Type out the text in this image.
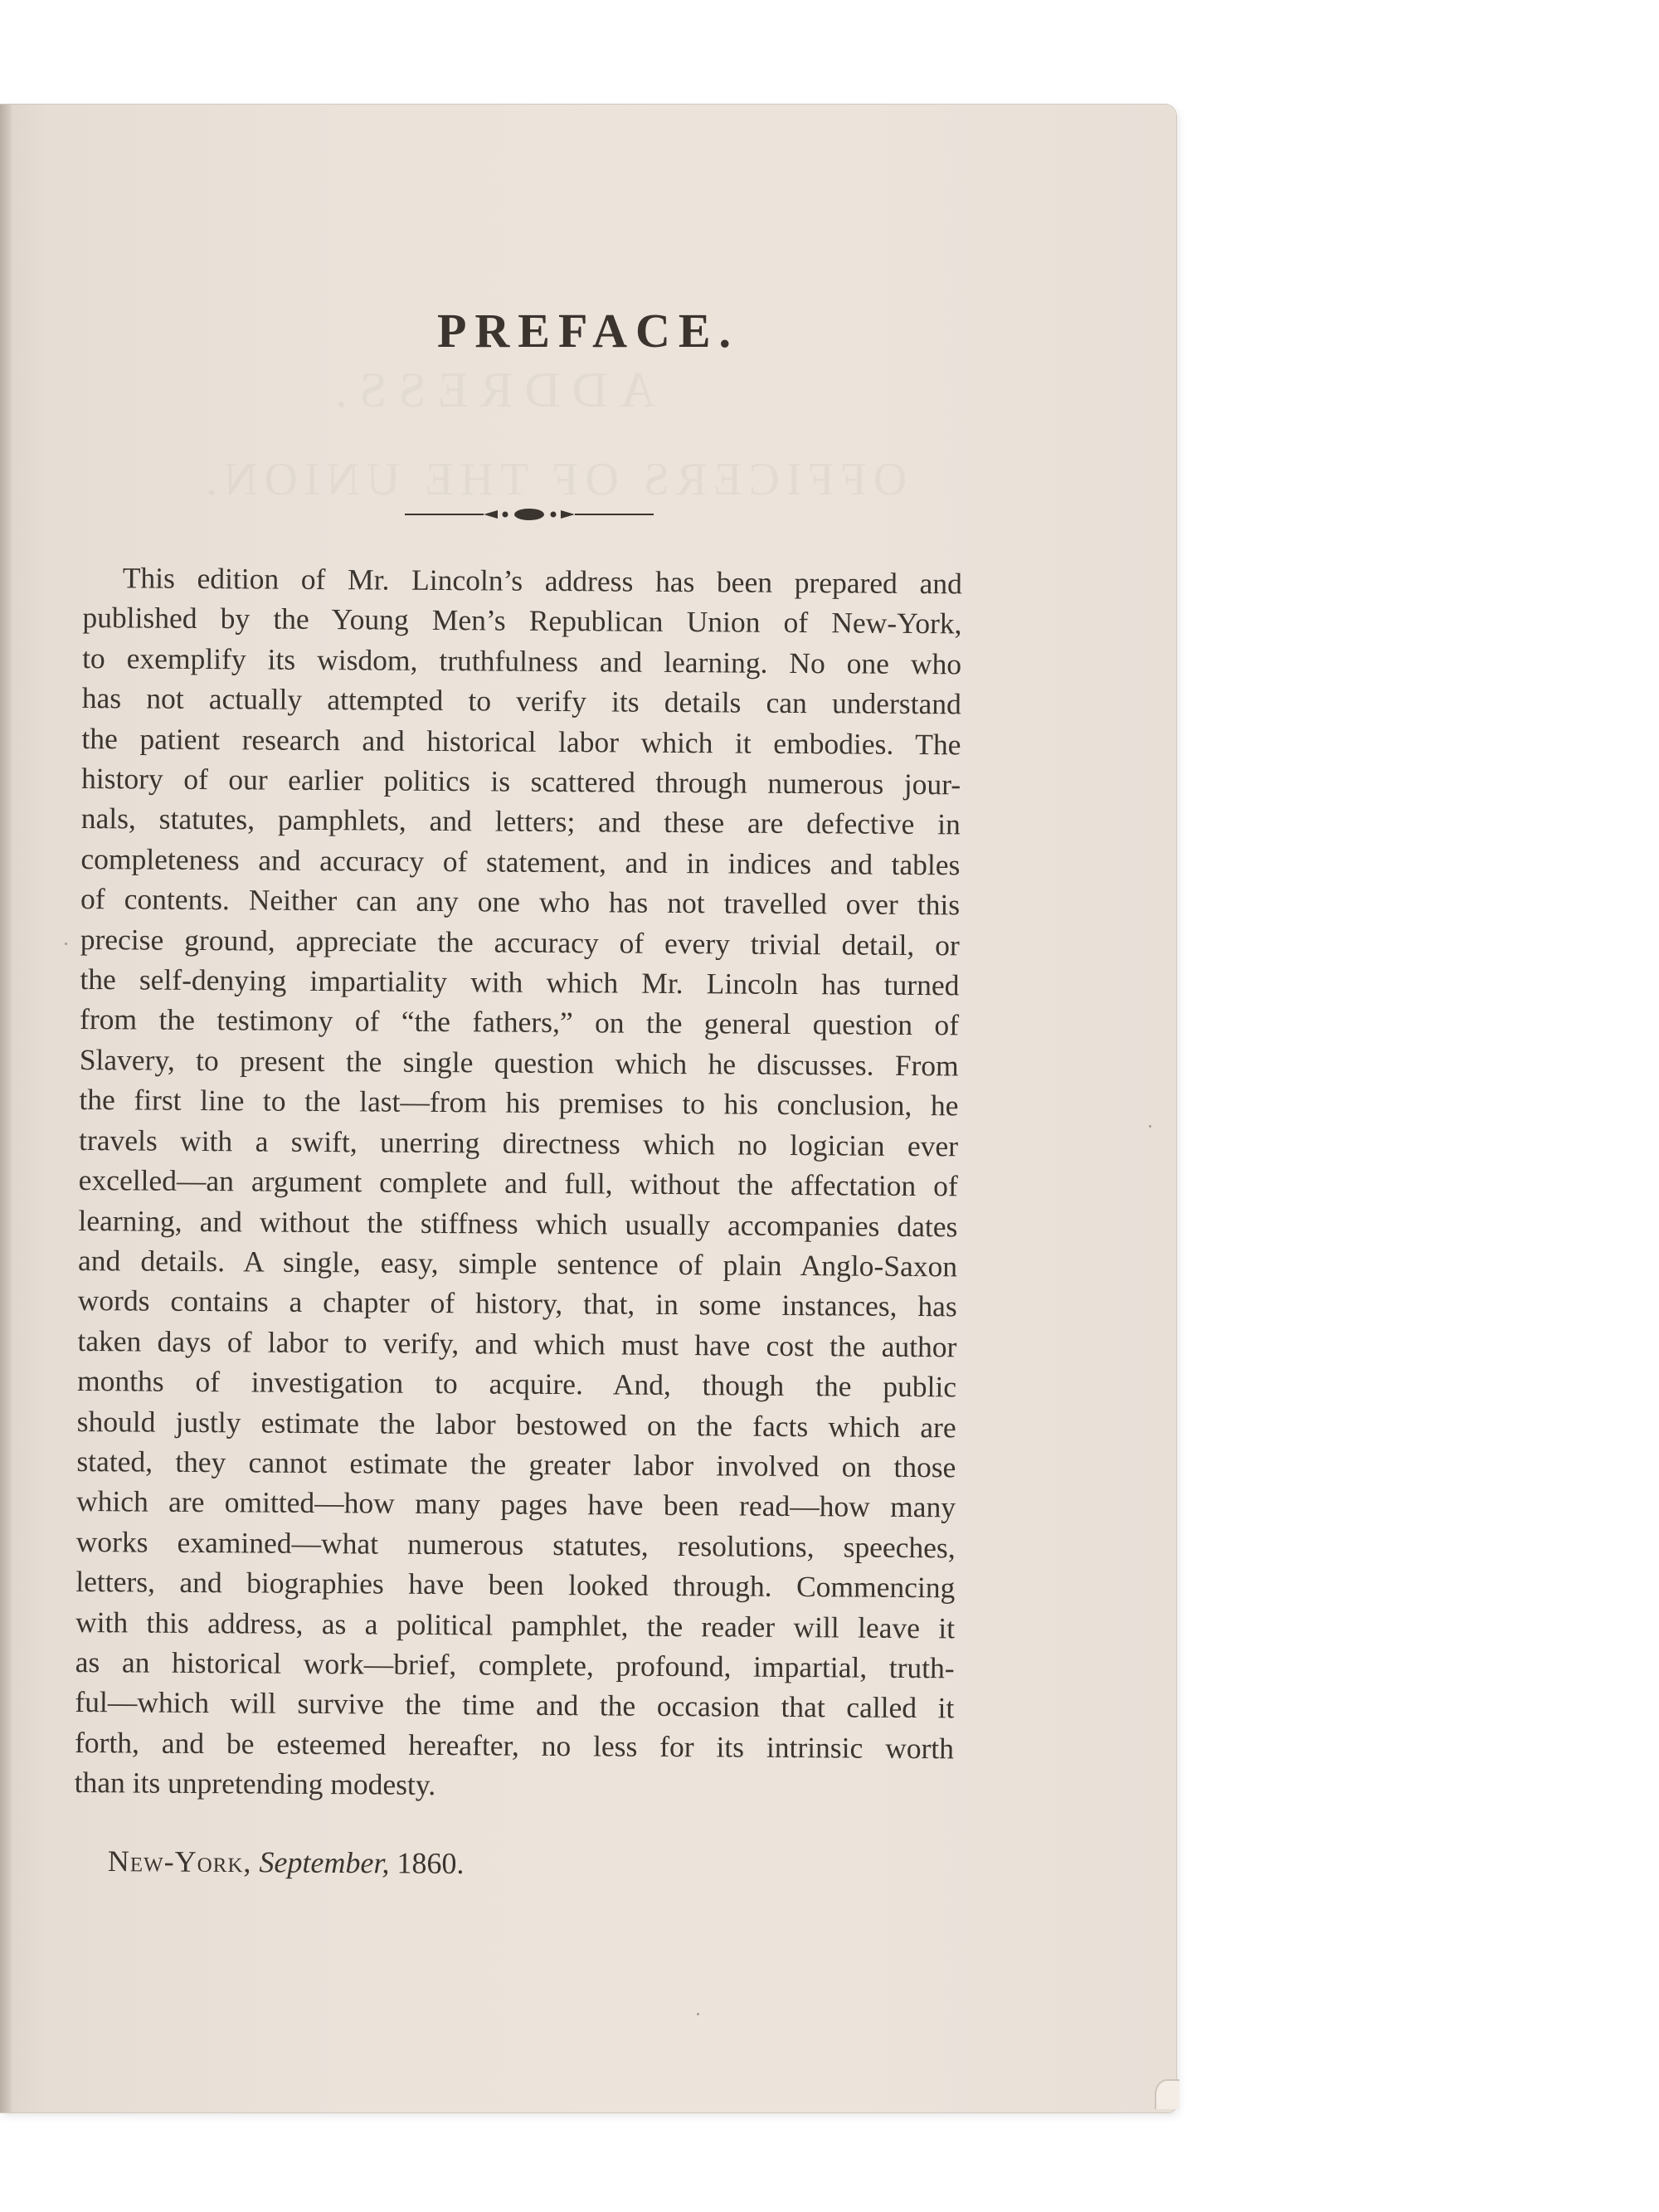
ADDRESS.
OFFICERS OF THE UNION.
PREFACE.
This edition of Mr. Lincoln’s address has been prepared and
published by the Young Men’s Republican Union of New-York,
to exemplify its wisdom, truthfulness and learning. No one who
has not actually attempted to verify its details can understand
the patient research and historical labor which it embodies. The
history of our earlier politics is scattered through numerous jour-
nals, statutes, pamphlets, and letters; and these are defective in
completeness and accuracy of statement, and in indices and tables
of contents. Neither can any one who has not travelled over this
precise ground, appreciate the accuracy of every trivial detail, or
the self-denying impartiality with which Mr. Lincoln has turned
from the testimony of “the fathers,” on the general question of
Slavery, to present the single question which he discusses. From
the first line to the last—from his premises to his conclusion, he
travels with a swift, unerring directness which no logician ever
excelled—an argument complete and full, without the affectation of
learning, and without the stiffness which usually accompanies dates
and details. A single, easy, simple sentence of plain Anglo-Saxon
words contains a chapter of history, that, in some instances, has
taken days of labor to verify, and which must have cost the author
months of investigation to acquire. And, though the public
should justly estimate the labor bestowed on the facts which are
stated, they cannot estimate the greater labor involved on those
which are omitted—how many pages have been read—how many
works examined—what numerous statutes, resolutions, speeches,
letters, and biographies have been looked through. Commencing
with this address, as a political pamphlet, the reader will leave it
as an historical work—brief, complete, profound, impartial, truth-
ful—which will survive the time and the occasion that called it
forth, and be esteemed hereafter, no less for its intrinsic worth
than its unpretending modesty.
New-York, September, 1860.
